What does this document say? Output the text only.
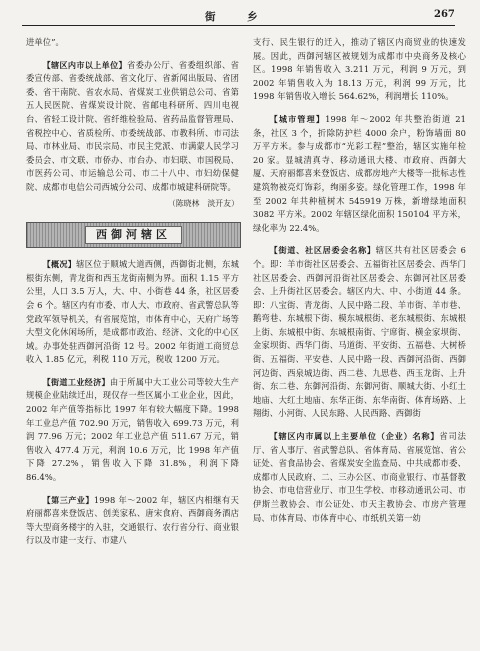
街 乡	267

进单位”。

【辖区内市以上单位】省委办公厅、省委组织部、省委宣传部、省委统战部、省文化厅、省新闻出版局、省团委、省干南院、省农水局、省煤炭工业供销总公司、省第五人民医院、省煤炭设计院、省邮电科研所、四川电视台、省轻工设计院、省纤维检验局、省药品监督管理局、省税控中心、省质检所、市委统战部、市教科所、市司法局、市林业局、市民宗局、市民主党派、市满蒙人民学习委员会、市文联、市侨办、市台办、市妇联、市国税局、市医药公司、市运输总公司、市二十八中、市妇幼保健院、成都市电信公司西城分公司、成都市城建科研院等。

（陈晓林　淡开友）
西御河辖区

【概况】辖区位于顺城大道西侧，西御街北侧，东城根街东侧，青龙街和西玉龙街南侧为界。面积 1.15 平方公里，人口 3.5 万人，大、中、小街巷 44 条，社区居委会 6 个。辖区内有市委、市人大、市政府、省武警总队等党政军领导机关，有省展览馆，市体育中心，天府广场等大型文化休闲场所，是成都市政治、经济、文化的中心区域。办事处驻西御河沿街 12 号。2002 年街道工商贸总收入 1.85 亿元，利税 110 万元，税收 1200 万元。

【街道工业经济】由于所属中大工业公司等较大生产规模企业陆续迁出，现仅存一些区属小工业企业，因此，2002 年产值等指标比 1997 年有较大幅度下降。1998 年工业总产值 702.90 万元，销售收入 699.73 万元，利润 77.96 万元；2002 年工业总产值 511.67 万元，销售收入 477.4 万元，利润 10.6 万元，比 1998 年产值下降 27.2%，销售收入下降 31.8%，利润下降 86.4%。

【第三产业】1998 年～2002 年，辖区内相继有天府丽都喜来登饭店、创美家私、唐宋食府、西御商务酒店等大型商务楼宇的入驻，交通银行、农行省分行、商业银行以及市建一支行、市建八

支行、民生银行的迁入，推动了辖区内商贸业的快速发展。因此，西御河辖区被规划为成都市中央商务及核心区。1998 年销售收入 3.211 万元，利润 9 万元，到 2002 年销售收入为 18.13 万元，利润 99 万元，比 1998 年销售收入增长 564.62%，利润增长 110%。

【城市管理】1998 年～2002 年共整治街道 21 条，社区 3 个，折除防护栏 4000 余户，粉饰墙面 80 万平方米。参与成都市“光彩工程”整治，辖区实施年检 20 家。显城清真寺、移动通讯大楼、市政府、西御大厦、天府丽都喜来登饭店、成都房地产大楼等一批标志性建筑物被亮灯饰彩，绚丽多姿。绿化管理工作，1998 年至 2002 年共种植树木 545919 万株，新增绿地面积 3082 平方米。2002 年辖区绿化面积 150104 平方米，绿化率为 22.4%。

【街道、社区居委会名称】辖区共有社区居委会 6 个。即：羊市街社区居委会、五福街社区居委会、西华门社区居委会、西御河沿街社区居委会、东御河社区居委会、上升街社区居委会。辖区内大、中、小街道 44 条。即：八宝街、青龙街、人民中路二段、羊市街、羊市巷、鹅弯巷、东城根下街、模东城根街、老东城根街、东城根上街、东城根中街、东城根南街、宁席街、横金家坝街、金家坝街、西华门街、马道街、平安街、五福巷、大树桥街、五福街、平安巷、人民中路一段、西御河沿街、西御河边街、西泉城边街、西二巷、九思巷、西玉龙街、上升街、东二巷、东御河沿街、东御河街、顺城大街、小红土地庙、大红土地庙、东华正街、东华南街、体育场路、上翔街、小河街、人民东路、人民西路、西御街

【辖区内市属以上主要单位（企业）名称】省司法厅、省人事厅、省武警总队、省体育局、省展览馆、省公证处、省食品协会、省煤炭安全监查局、中共成都市委、成都市人民政府、二、三办公区、市商业银行、市基督教协会、市电信营业厅、市卫生学校、市移动通讯公司、市伊斯兰教协会、市公证处、市天主教协会、市房产管理局、市体育局、市体育中心、市纸机关第一幼
